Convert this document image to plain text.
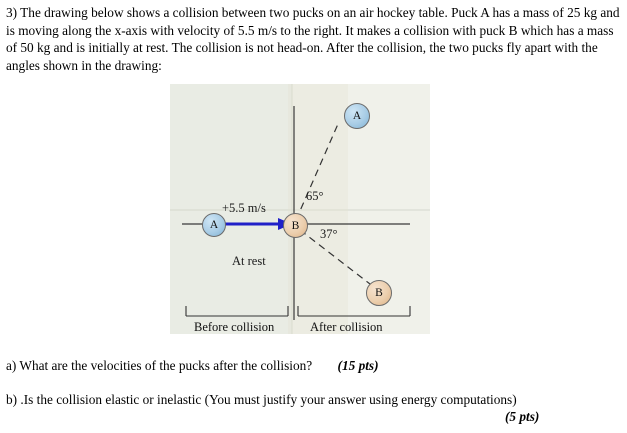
3) The drawing below shows a collision between two pucks on an air hockey table. Puck A has a mass of 25 kg and is moving along the x-axis with velocity of 5.5 m/s to the right. It makes a collision with puck B which has a mass of 50 kg and is initially at rest. The collision is not head-on. After the collision, the two pucks fly apart with the angles shown in the drawing:
A
A
B
B
+5.5 m/s
65°
37°
At rest
Before collision	After collision
a) What are the velocities of the pucks after the collision? (15 pts)
b) .Is the collision elastic or inelastic (You must justify your answer using energy computations)
(5 pts)
